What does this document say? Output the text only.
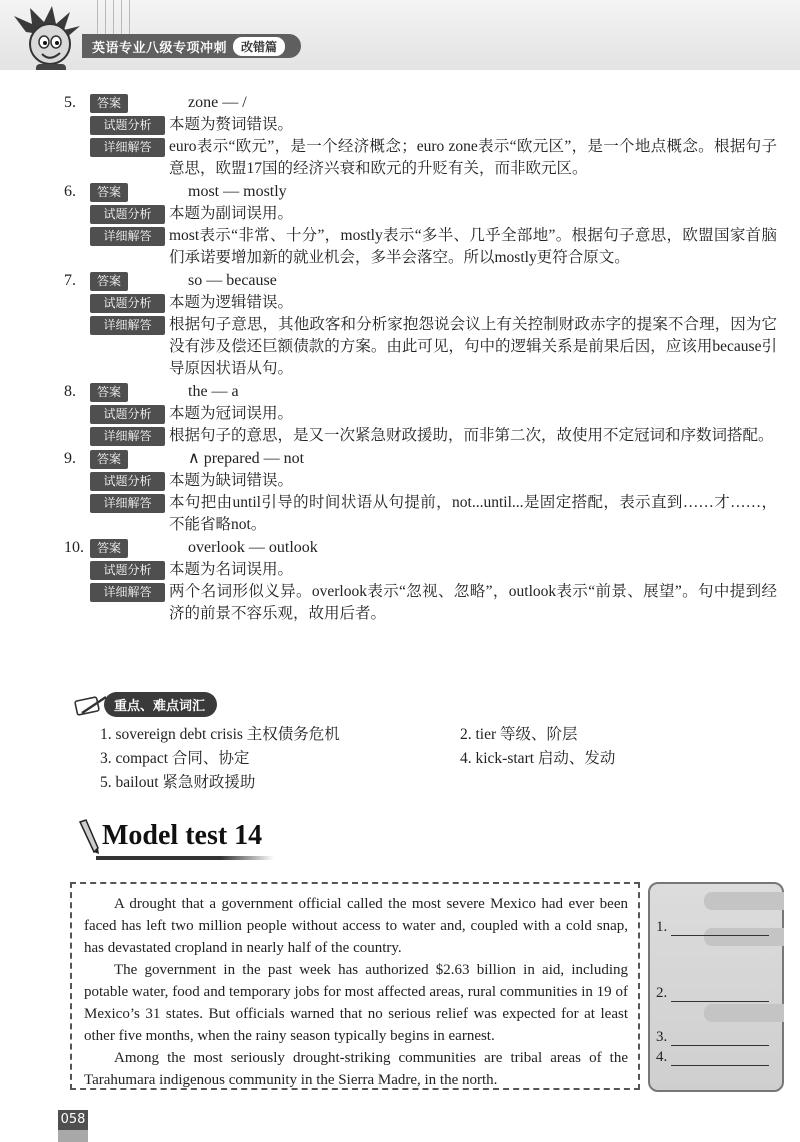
英语专业八级专项冲刺	改错篇
5.	答案	zone — /
试题分析	本题为赘词错误。
详细解答	euro表示“欧元”，是一个经济概念；euro zone表示“欧元区”，是一个地点概念。根据句子意思，欧盟17国的经济兴衰和欧元的升贬有关，而非欧元区。
6.	答案	most — mostly
试题分析	本题为副词误用。
详细解答	most表示“非常、十分”，mostly表示“多半、几乎全部地”。根据句子意思，欧盟国家首脑们承诺要增加新的就业机会，多半会落空。所以mostly更符合原文。
7.	答案	so — because
试题分析	本题为逻辑错误。
详细解答	根据句子意思，其他政客和分析家抱怨说会议上有关控制财政赤字的提案不合理，因为它没有涉及偿还巨额债款的方案。由此可见，句中的逻辑关系是前果后因，应该用because引导原因状语从句。
8.	答案	the — a
试题分析	本题为冠词误用。
详细解答	根据句子的意思，是又一次紧急财政援助，而非第二次，故使用不定冠词和序数词搭配。
9.	答案	∧ prepared — not
试题分析	本题为缺词错误。
详细解答	本句把由until引导的时间状语从句提前，not...until...是固定搭配，表示直到……才……，不能省略not。
10.	答案	overlook — outlook
试题分析	本题为名词误用。
详细解答	两个名词形似义异。overlook表示“忽视、忽略”，outlook表示“前景、展望”。句中提到经济的前景不容乐观，故用后者。
重点、难点词汇
1. sovereign debt crisis 主权债务危机	2. tier 等级、阶层
3. compact 合同、协定	4. kick-start 启动、发动
5. bailout 紧急财政援助
Model test 14

A drought that a government official called the most severe Mexico had ever been faced has left two million people without access to water and, coupled with a cold snap, has devastated cropland in nearly half of the country.

The government in the past week has authorized $2.63 billion in aid, including potable water, food and temporary jobs for most affected areas, rural communities in 19 of Mexico’s 31 states. But officials warned that no serious relief was expected for at least other five months, when the rainy season typically begins in earnest.

Among the most seriously drought-striking communities are tribal areas of the Tarahumara indigenous community in the Sierra Madre, in the north.

1.
2.
3.
4.
058
